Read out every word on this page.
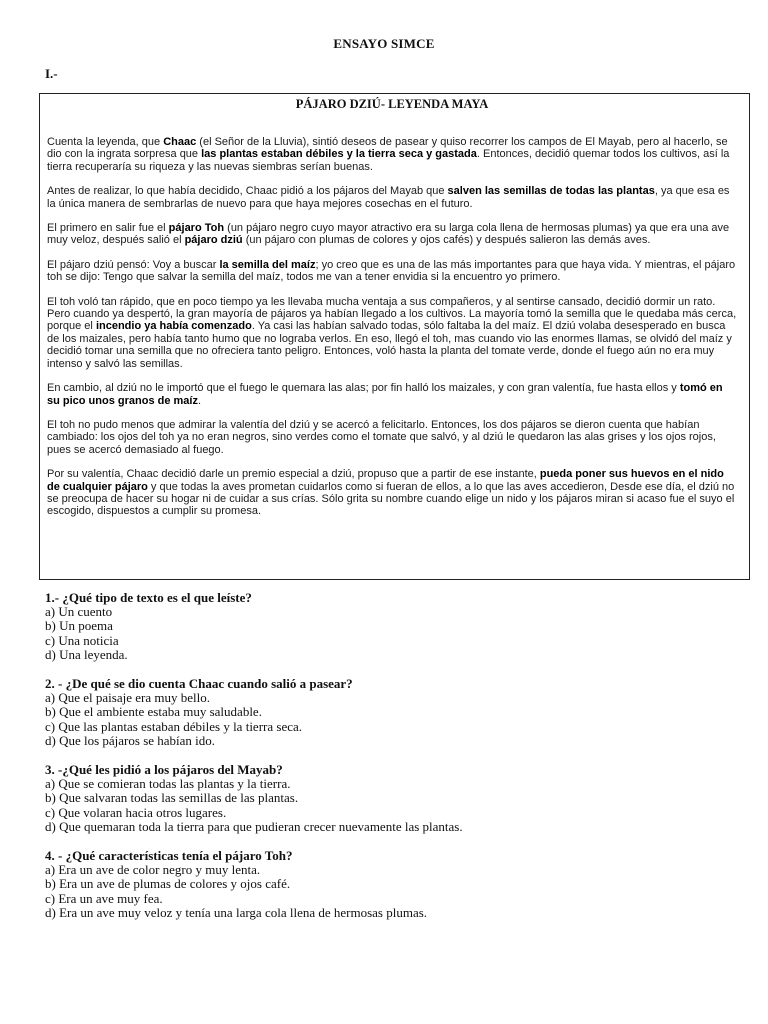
ENSAYO SIMCE
I.-
PÁJARO DZIÚ- LEYENDA MAYA

Cuenta la leyenda, que Chaac (el Señor de la Lluvia), sintió deseos de pasear y quiso recorrer los campos de El Mayab, pero al hacerlo, se dio con la ingrata sorpresa que las plantas estaban débiles y la tierra seca y gastada. Entonces, decidió quemar todos los cultivos, así la tierra recuperaría su riqueza y las nuevas siembras serían buenas.

Antes de realizar, lo que había decidido, Chaac pidió a los pájaros del Mayab que salven las semillas de todas las plantas, ya que esa es la única manera de sembrarlas de nuevo para que haya mejores cosechas en el futuro.

El primero en salir fue el pájaro Toh (un pájaro negro cuyo mayor atractivo era su larga cola llena de hermosas plumas) ya que era una ave muy veloz, después salió el pájaro dziú (un pájaro con plumas de colores y ojos cafés) y después salieron las demás aves.

El pájaro dziú pensó: Voy a buscar la semilla del maíz; yo creo que es una de las más importantes para que haya vida. Y mientras, el pájaro toh se dijo: Tengo que salvar la semilla del maíz, todos me van a tener envidia si la encuentro yo primero.

El toh voló tan rápido, que en poco tiempo ya les llevaba mucha ventaja a sus compañeros, y al sentirse cansado, decidió dormir un rato. Pero cuando ya despertó, la gran mayoría de pájaros ya habían llegado a los cultivos. La mayoría tomó la semilla que le quedaba más cerca, porque el incendio ya había comenzado. Ya casi las habían salvado todas, sólo faltaba la del maíz. El dziú volaba desesperado en busca de los maizales, pero había tanto humo que no lograba verlos. En eso, llegó el toh, mas cuando vio las enormes llamas, se olvidó del maíz y decidió tomar una semilla que no ofreciera tanto peligro. Entonces, voló hasta la planta del tomate verde, donde el fuego aún no era muy intenso y salvó las semillas.

En cambio, al dziú no le importó que el fuego le quemara las alas; por fin halló los maizales, y con gran valentía, fue hasta ellos y tomó en su pico unos granos de maíz.

El toh no pudo menos que admirar la valentía del dziú y se acercó a felicitarlo. Entonces, los dos pájaros se dieron cuenta que habían cambiado: los ojos del toh ya no eran negros, sino verdes como el tomate que salvó, y al dziú le quedaron las alas grises y los ojos rojos, pues se acercó demasiado al fuego.

Por su valentía, Chaac decidió darle un premio especial a dziú, propuso que a partir de ese instante, pueda poner sus huevos en el nido de cualquier pájaro y que todas la aves prometan cuidarlos como si fueran de ellos, a lo que las aves accedieron, Desde ese día, el dziú no se preocupa de hacer su hogar ni de cuidar a sus crías. Sólo grita su nombre cuando elige un nido y los pájaros miran si acaso fue el suyo el escogido, dispuestos a cumplir su promesa.

1.- ¿Qué tipo de texto es el que leíste?
a) Un cuento
b) Un poema
c) Una noticia
d) Una leyenda.
2. - ¿De qué se dio cuenta Chaac cuando salió a pasear?
a) Que el paisaje era muy bello.
b) Que el ambiente estaba muy saludable.
c) Que las plantas estaban débiles y la tierra seca.
d) Que los pájaros se habían ido.
3. -¿Qué les pidió a los pájaros del Mayab?
a) Que se comieran todas las plantas y la tierra.
b) Que salvaran todas las semillas de las plantas.
c) Que volaran hacia otros lugares.
d) Que quemaran toda la tierra para que pudieran crecer nuevamente las plantas.
4. - ¿Qué características tenía el pájaro Toh?
a) Era un ave de color negro y muy lenta.
b) Era un ave de plumas de colores y ojos café.
c) Era un ave muy fea.
d) Era un ave muy veloz y tenía una larga cola llena de hermosas plumas.
